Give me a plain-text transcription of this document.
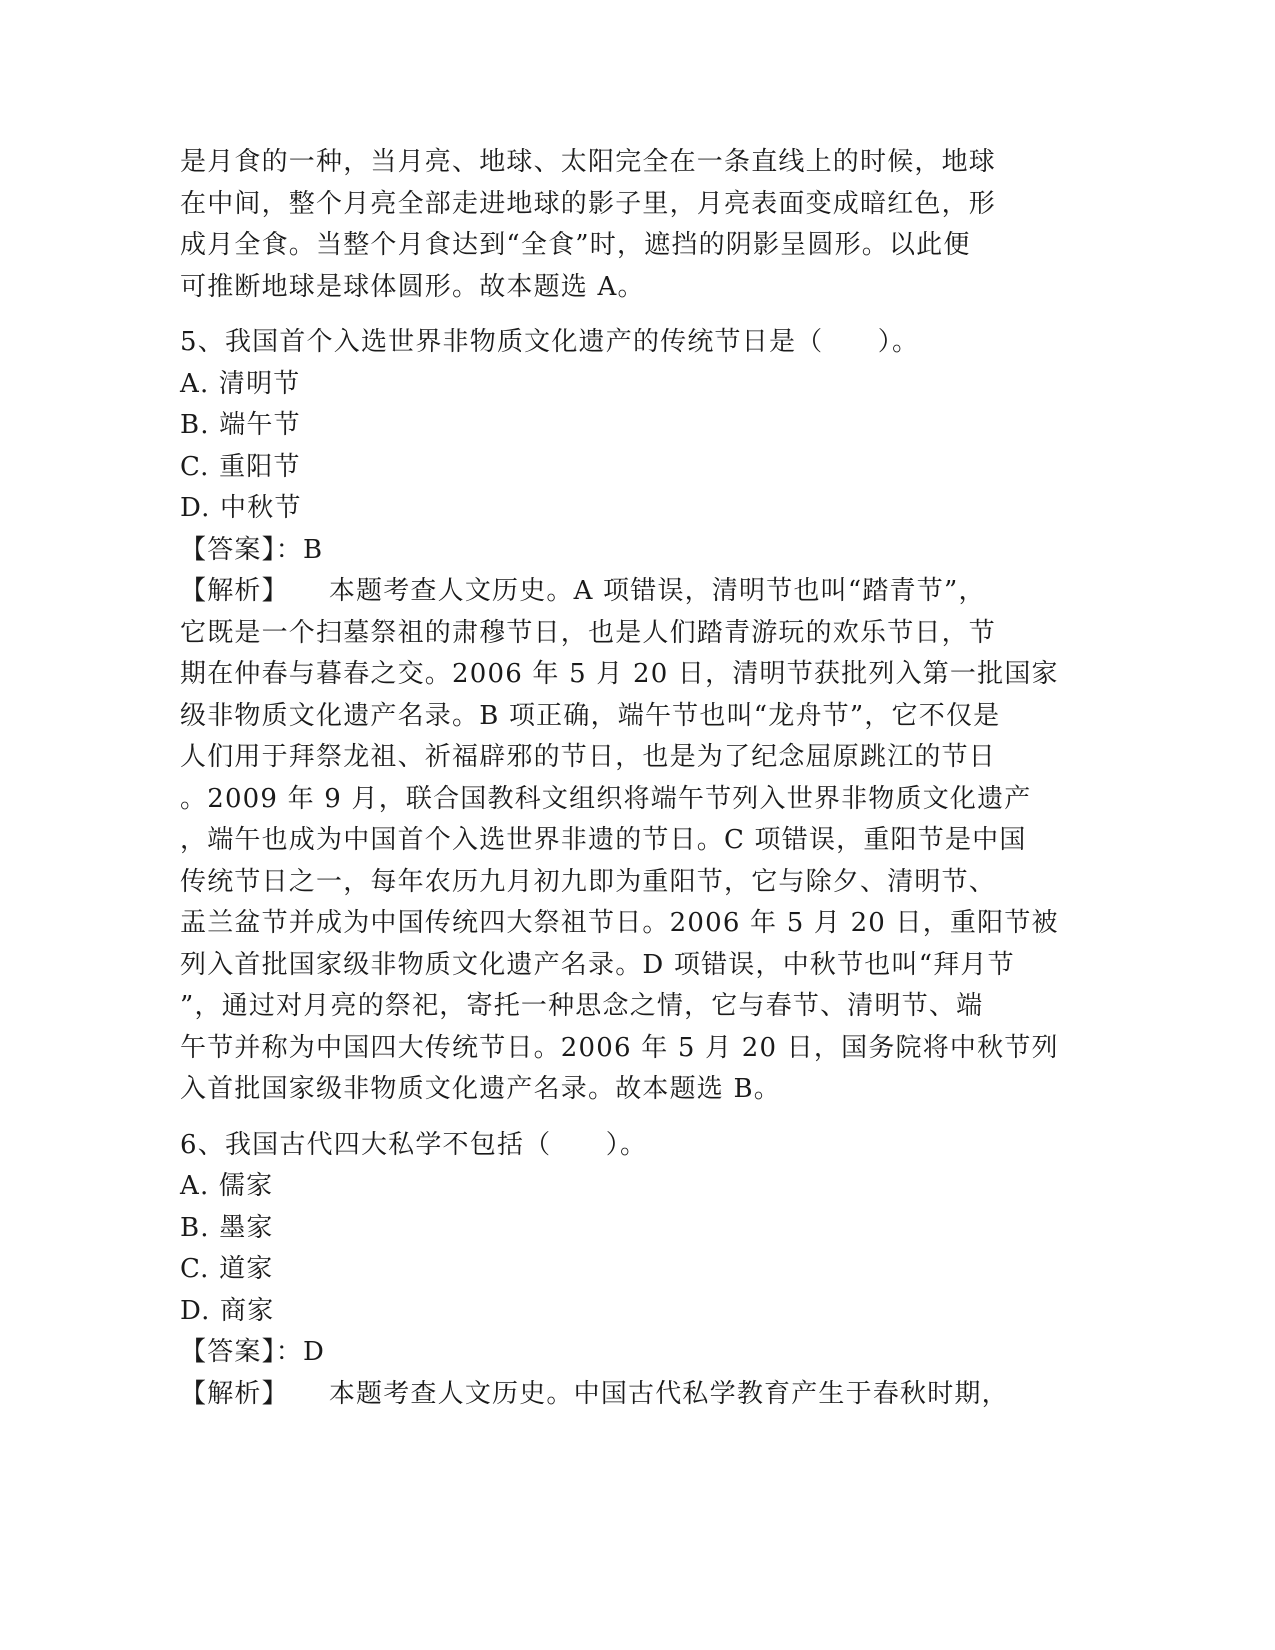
是月食的一种，当月亮、地球、太阳完全在一条直线上的时候，地球
在中间，整个月亮全部走进地球的影子里，月亮表面变成暗红色，形
成月全食。当整个月食达到“全食”时，遮挡的阴影呈圆形。以此便
可推断地球是球体圆形。故本题选 A。
5、我国首个入选世界非物质文化遗产的传统节日是（　　）。
A. 清明节
B. 端午节
C. 重阳节
D. 中秋节
【答案】：B
【解析】 本题考查人文历史。A 项错误，清明节也叫“踏青节”，
它既是一个扫墓祭祖的肃穆节日，也是人们踏青游玩的欢乐节日，节
期在仲春与暮春之交。2006 年 5 月 20 日，清明节获批列入第一批国家
级非物质文化遗产名录。B 项正确，端午节也叫“龙舟节”，它不仅是
人们用于拜祭龙祖、祈福辟邪的节日，也是为了纪念屈原跳江的节日
。2009 年 9 月，联合国教科文组织将端午节列入世界非物质文化遗产
，端午也成为中国首个入选世界非遗的节日。C 项错误，重阳节是中国
传统节日之一，每年农历九月初九即为重阳节，它与除夕、清明节、
盂兰盆节并成为中国传统四大祭祖节日。2006 年 5 月 20 日，重阳节被
列入首批国家级非物质文化遗产名录。D 项错误，中秋节也叫“拜月节
”，通过对月亮的祭祀，寄托一种思念之情，它与春节、清明节、端
午节并称为中国四大传统节日。2006 年 5 月 20 日，国务院将中秋节列
入首批国家级非物质文化遗产名录。故本题选 B。
6、我国古代四大私学不包括（　　）。
A. 儒家
B. 墨家
C. 道家
D. 商家
【答案】：D
【解析】 本题考查人文历史。中国古代私学教育产生于春秋时期，
